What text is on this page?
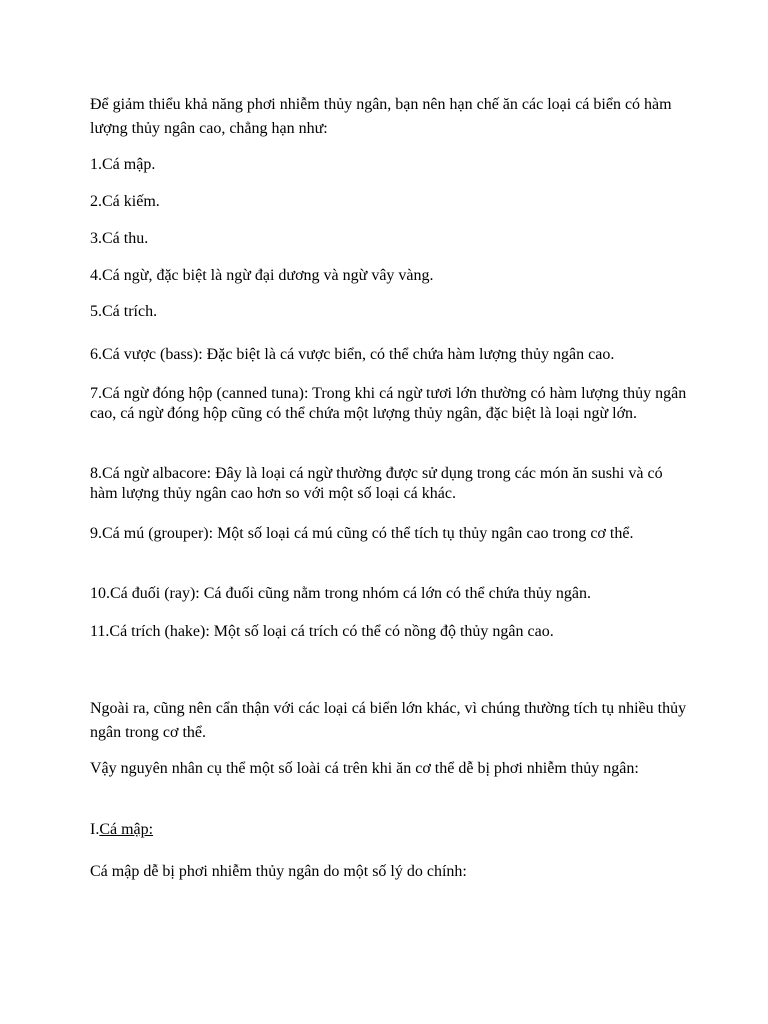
Để giảm thiểu khả năng phơi nhiễm thủy ngân, bạn nên hạn chế ăn các loại cá biển có hàm lượng thủy ngân cao, chẳng hạn như:

1.Cá mập.

2.Cá kiếm.

3.Cá thu.

4.Cá ngừ, đặc biệt là ngừ đại dương và ngừ vây vàng.

5.Cá trích.

6.Cá vược (bass): Đặc biệt là cá vược biển, có thể chứa hàm lượng thủy ngân cao.

7.Cá ngừ đóng hộp (canned tuna): Trong khi cá ngừ tươi lớn thường có hàm lượng thủy ngân cao, cá ngừ đóng hộp cũng có thể chứa một lượng thủy ngân, đặc biệt là loại ngừ lớn.

8.Cá ngừ albacore: Đây là loại cá ngừ thường được sử dụng trong các món ăn sushi và có hàm lượng thủy ngân cao hơn so với một số loại cá khác.

9.Cá mú (grouper): Một số loại cá mú cũng có thể tích tụ thủy ngân cao trong cơ thể.

10.Cá đuối (ray): Cá đuối cũng nằm trong nhóm cá lớn có thể chứa thủy ngân.

11.Cá trích (hake): Một số loại cá trích có thể có nồng độ thủy ngân cao.

Ngoài ra, cũng nên cẩn thận với các loại cá biển lớn khác, vì chúng thường tích tụ nhiều thủy ngân trong cơ thể.

Vậy nguyên nhân cụ thể một số loài cá trên khi ăn cơ thể dễ bị phơi nhiễm thủy ngân:

I.Cá mập:

Cá mập dễ bị phơi nhiễm thủy ngân do một số lý do chính:
